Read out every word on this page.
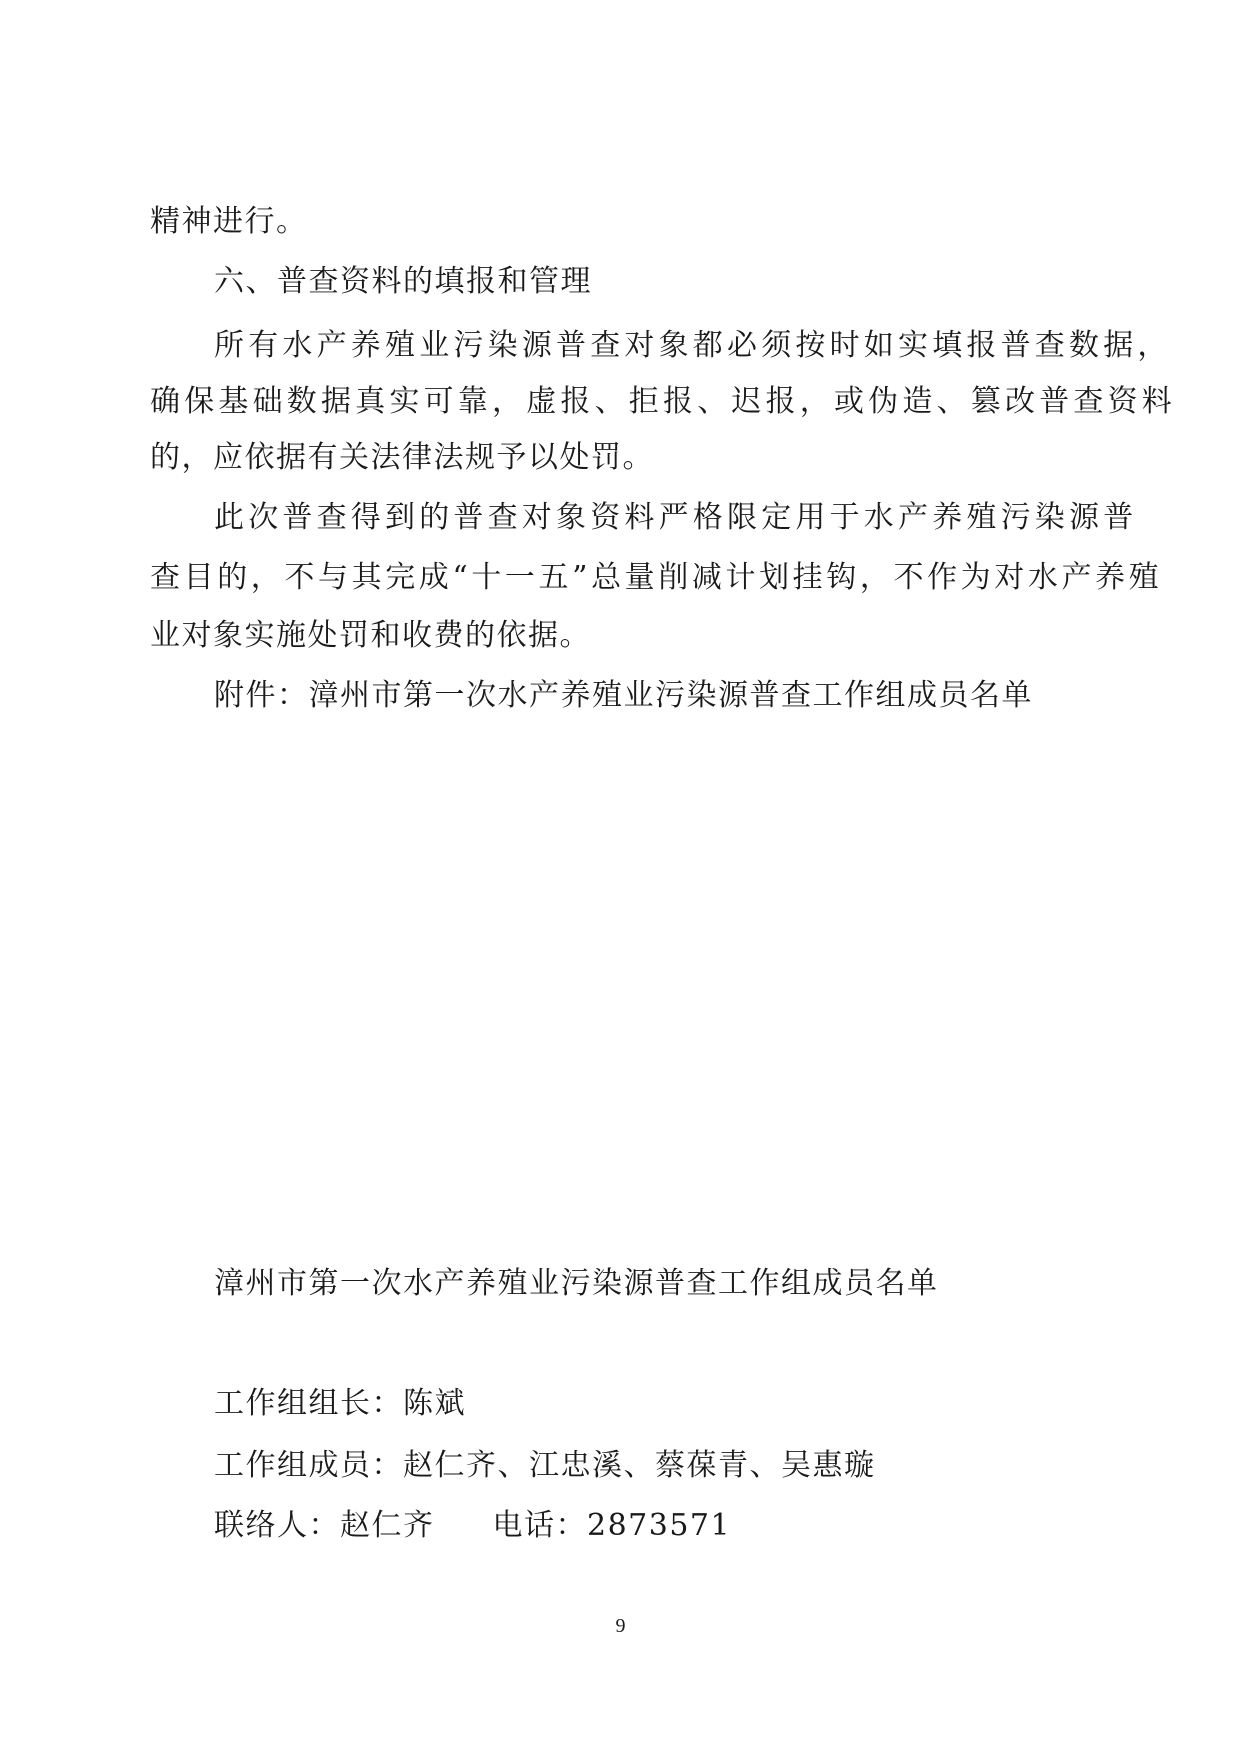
精神进行。
六、普查资料的填报和管理
所有水产养殖业污染源普查对象都必须按时如实填报普查数据，
确保基础数据真实可靠，虚报、拒报、迟报，或伪造、篡改普查资料
的，应依据有关法律法规予以处罚。
此次普查得到的普查对象资料严格限定用于水产养殖污染源普
查目的，不与其完成“十一五”总量削减计划挂钩，不作为对水产养殖
业对象实施处罚和收费的依据。
附件：漳州市第一次水产养殖业污染源普查工作组成员名单
漳州市第一次水产养殖业污染源普查工作组成员名单
工作组组长：陈斌
工作组成员：赵仁齐、江忠溪、蔡葆青、吴惠璇
联络人：赵仁齐 电话：2873571
9
